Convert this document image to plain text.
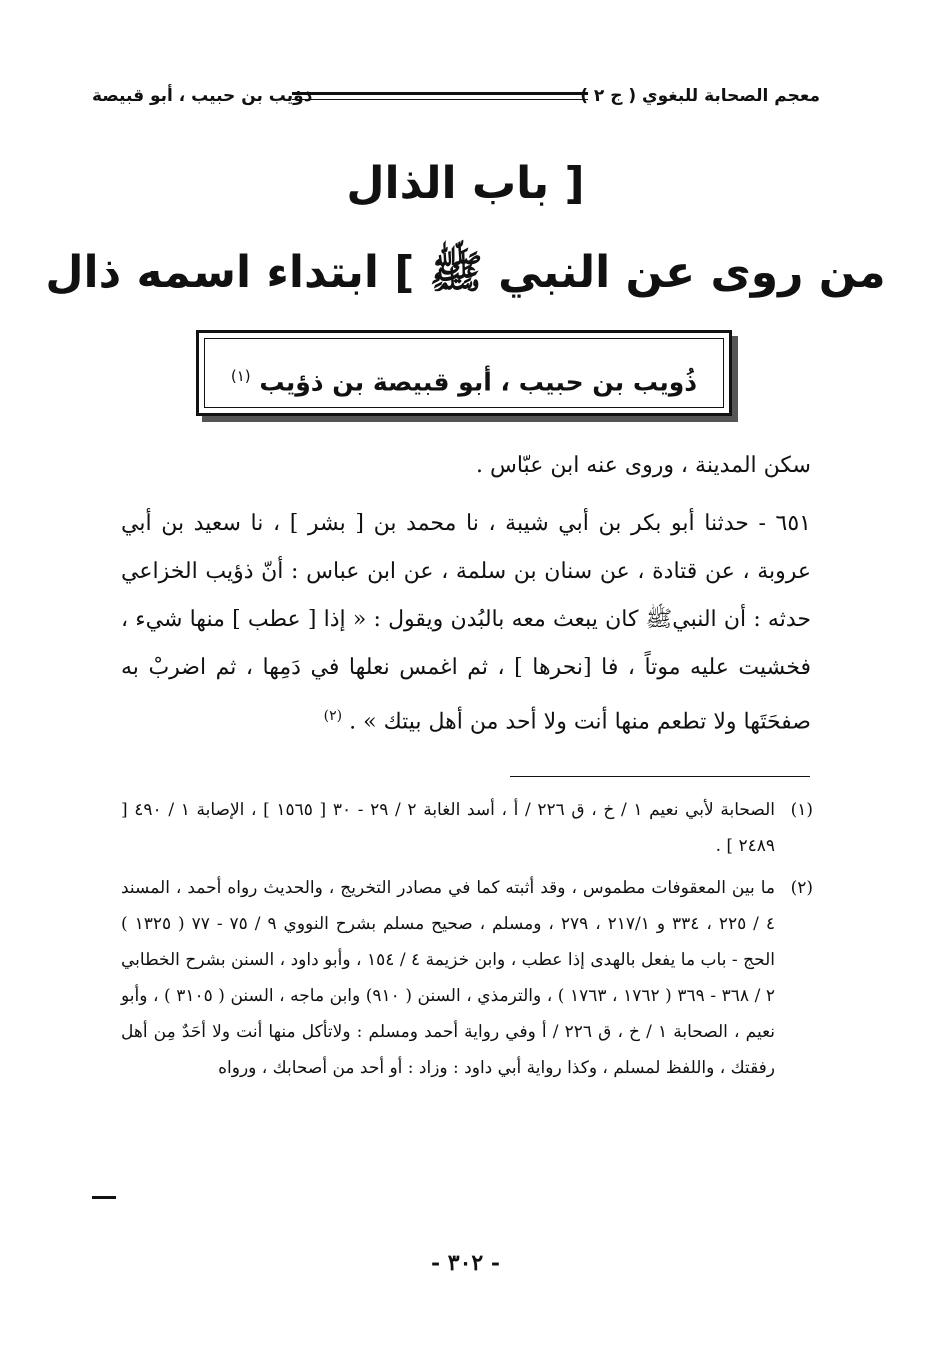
معجم الصحابة للبغوي ( ج ٢ )
ذؤيب بن حبيب ، أبو قبيصة
[ باب الذال
من روى عن النبي ﷺ ] ابتداء اسمه ذال
ذُويب بن حبيب ، أبو قبيصة بن ذؤيب $^{(١)}$

سكن المدينة ، وروى عنه ابن عبّاس .

٦٥١ - حدثنا أبو بكر بن أبي شيبة ، نا محمد بن [ بشر ] ، نا سعيد بن أبي عروبة ، عن قتادة ، عن سنان بن سلمة ، عن ابن عباس : أنّ ذؤيب الخزاعي حدثه : أن النبيﷺ كان يبعث معه بالبُدن ويقول : « إذا [ عطب ] منها شيء ، فخشيت عليه موتاً ، فا [نحرها ] ، ثم اغمس نعلها في دَمِها ، ثم اضربْ به صفحَتَها ولا تطعم منها أنت ولا أحد من أهل بيتك » . $^{(٢)}$

(١)
الصحابة لأبي نعيم ١ / خ ، ق ٢٢٦ / أ ، أسد الغابة ٢ / ٢٩ - ٣٠ [ ١٥٦٥ ] ، الإصابة ١ / ٤٩٠ [ ٢٤٨٩ ] .

(٢)
ما بين المعقوفات مطموس ، وقد أثبته كما في مصادر التخريج ، والحديث رواه أحمد ، المسند ٤ / ٢٢٥ ، ٣٣٤ و ٢١٧/١ ، ٢٧٩ ، ومسلم ، صحيح مسلم بشرح النووي ٩ / ٧٥ - ٧٧ ( ١٣٢٥ ) الحج - باب ما يفعل بالهدى إذا عطب ، وابن خزيمة ٤ / ١٥٤ ، وأبو داود ، السنن بشرح الخطابي ٢ / ٣٦٨ - ٣٦٩ ( ١٧٦٢ ، ١٧٦٣ ) ، والترمذي ، السنن ( ٩١٠) وابن ماجه ، السنن ( ٣١٠٥ ) ، وأبو نعيم ، الصحابة ١ / خ ، ق ٢٢٦ / أ وفي رواية أحمد ومسلم : ولاتأكل منها أنت ولا أحَدٌ مِن أهل رفقتك ، واللفظ لمسلم ، وكذا رواية أبي داود : وزاد : أو أحد من أصحابك ، ورواه

- ٣٠٢ -
